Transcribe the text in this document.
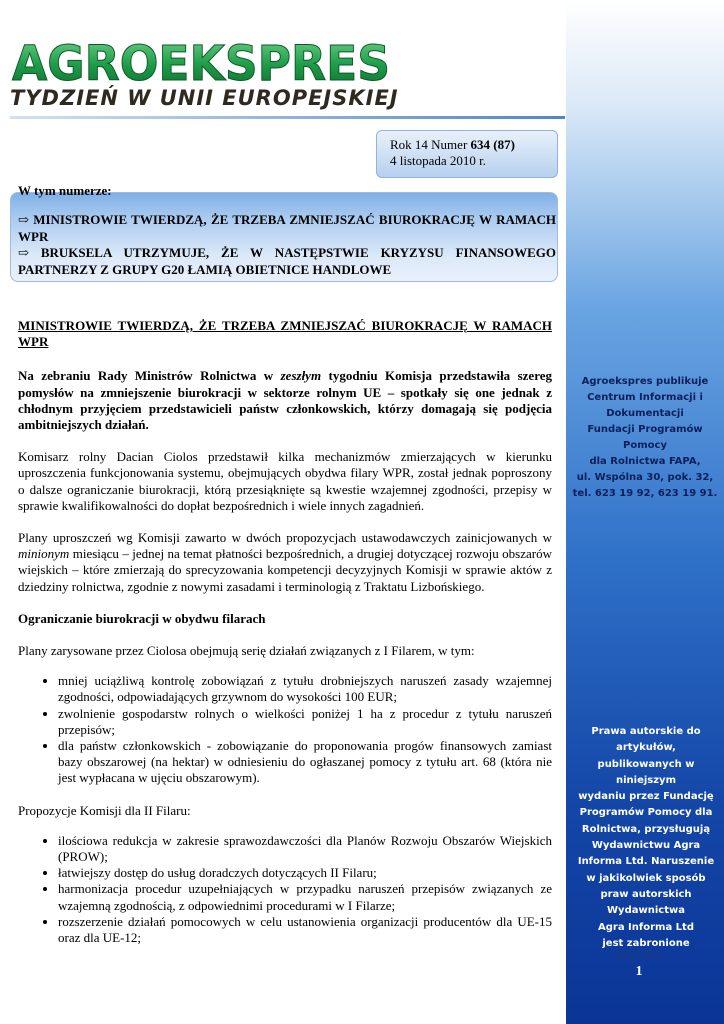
AGROEKSPRES
TYDZIEŃ W UNII EUROPEJSKIEJ
Agroekspres publikuje
Centrum Informacji i Dokumentacji
Fundacji Programów Pomocy
dla Rolnictwa FAPA,
ul. Wspólna 30, pok. 32,
tel. 623 19 92, 623 19 91.
Prawa autorskie do artykułów,
publikowanych w niniejszym
wydaniu przez Fundację
Programów Pomocy dla
Rolnictwa, przysługują
Wydawnictwu Agra
Informa Ltd. Naruszenie
w jakikolwiek sposób
praw autorskich Wydawnictwa
Agra Informa Ltd
jest zabronione
STRONA
1
Rok 14 Numer 634 (87)
4 listopada 2010 r.
W tym numerze:

⇨ MINISTROWIE TWIERDZĄ, ŻE TRZEBA ZMNIEJSZAĆ BIUROKRACJĘ W RAMACH WPR

⇨ BRUKSELA UTRZYMUJE, ŻE W NASTĘPSTWIE KRYZYSU FINANSOWEGO PARTNERZY Z GRUPY G20 ŁAMIĄ OBIETNICE HANDLOWE

MINISTROWIE TWIERDZĄ, ŻE TRZEBA ZMNIEJSZAĆ BIUROKRACJĘ W RAMACH WPR

Na zebraniu Rady Ministrów Rolnictwa w zeszłym tygodniu Komisja przedstawiła szereg pomysłów na zmniejszenie biurokracji w sektorze rolnym UE – spotkały się one jednak z chłodnym przyjęciem przedstawicieli państw członkowskich, którzy domagają się podjęcia ambitniejszych działań.

Komisarz rolny Dacian Ciolos przedstawił kilka mechanizmów zmierzających w kierunku uproszczenia funkcjonowania systemu, obejmujących obydwa filary WPR, został jednak poproszony o dalsze ograniczanie biurokracji, którą przesiąknięte są kwestie wzajemnej zgodności, przepisy w sprawie kwalifikowalności do dopłat bezpośrednich i wiele innych zagadnień.

Plany uproszczeń wg Komisji zawarto w dwóch propozycjach ustawodawczych zainicjowanych w minionym miesiącu – jednej na temat płatności bezpośrednich, a drugiej dotyczącej rozwoju obszarów wiejskich – które zmierzają do sprecyzowania kompetencji decyzyjnych Komisji w sprawie aktów z dziedziny rolnictwa, zgodnie z nowymi zasadami i terminologią z Traktatu Lizbońskiego.

Ograniczanie biurokracji w obydwu filarach

Plany zarysowane przez Ciolosa obejmują serię działań związanych z I Filarem, w tym:

• mniej uciążliwą kontrolę zobowiązań z tytułu drobniejszych naruszeń zasady wzajemnej zgodności, odpowiadających grzywnom do wysokości 100 EUR;
• zwolnienie gospodarstw rolnych o wielkości poniżej 1 ha z procedur z tytułu naruszeń przepisów;
• dla państw członkowskich - zobowiązanie do proponowania progów finansowych zamiast bazy obszarowej (na hektar) w odniesieniu do ogłaszanej pomocy z tytułu art. 68 (która nie jest wypłacana w ujęciu obszarowym).

Propozycje Komisji dla II Filaru:

• ilościowa redukcja w zakresie sprawozdawczości dla Planów Rozwoju Obszarów Wiejskich (PROW);
• łatwiejszy dostęp do usług doradczych dotyczących II Filaru;
• harmonizacja procedur uzupełniających w przypadku naruszeń przepisów związanych ze wzajemną zgodnością, z odpowiednimi procedurami w I Filarze;
• rozszerzenie działań pomocowych w celu ustanowienia organizacji producentów dla UE-15 oraz dla UE-12;
